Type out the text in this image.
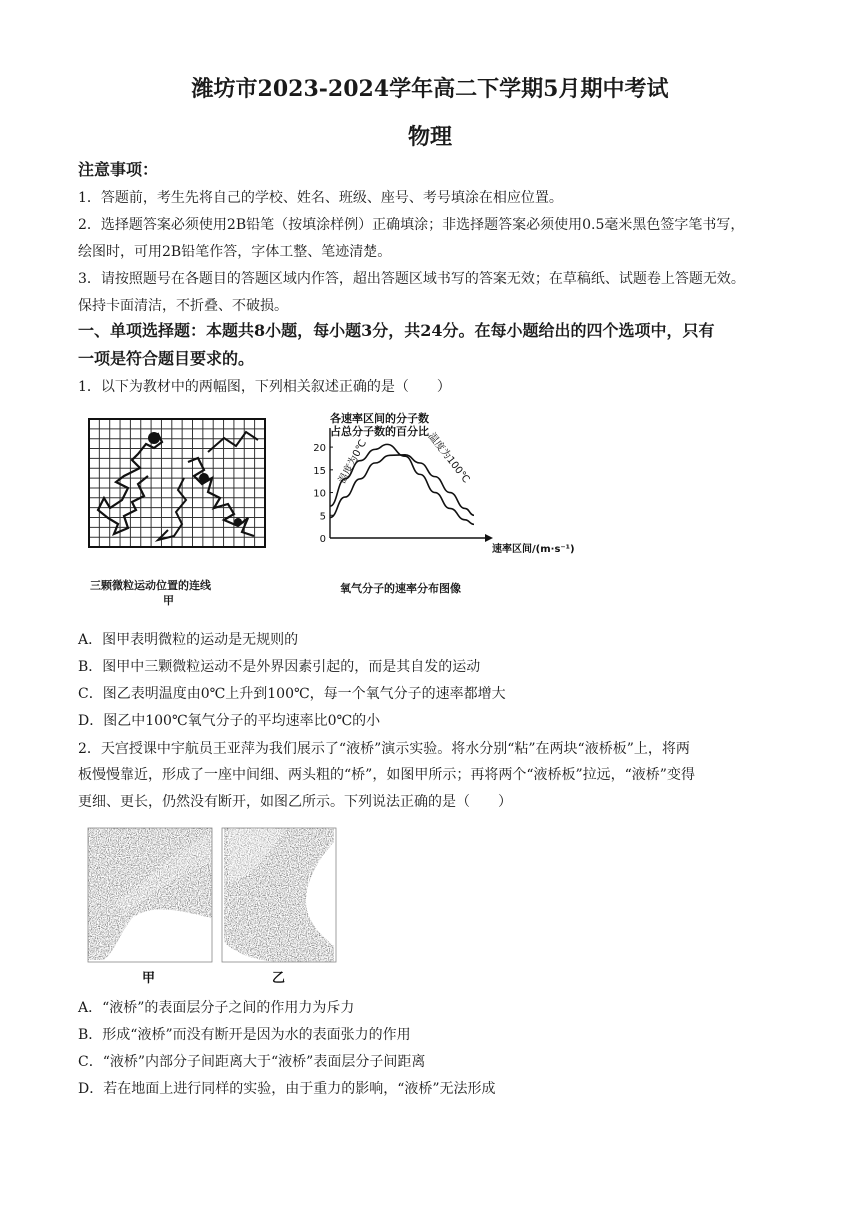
潍坊市2023-2024学年高二下学期5月期中考试
物理
注意事项：
1．答题前，考生先将自己的学校、姓名、班级、座号、考号填涂在相应位置。
2．选择题答案必须使用2B铅笔（按填涂样例）正确填涂；非选择题答案必须使用0.5毫米黑色签字笔书写，
绘图时，可用2B铅笔作答，字体工整、笔迹清楚。
3．请按照题号在各题目的答题区域内作答，超出答题区域书写的答案无效；在草稿纸、试题卷上答题无效。
保持卡面清洁，不折叠、不破损。
一、单项选择题：本题共8小题，每小题3分，共24分。在每小题给出的四个选项中，只有
一项是符合题目要求的。
1．以下为教材中的两幅图，下列相关叙述正确的是（　　）
三颗微粒运动位置的连线
甲
各速率区间的分子数
占总分子数的百分比
速率区间/(m·s⁻¹)
0
5
10
15
20 温度为0℃	温度为100℃
氧气分子的速率分布图像
A．图甲表明微粒的运动是无规则的
B．图甲中三颗微粒运动不是外界因素引起的，而是其自发的运动
C．图乙表明温度由0℃上升到100℃，每一个氧气分子的速率都增大
D．图乙中100℃氧气分子的平均速率比0℃的小
2．天宫授课中宇航员王亚萍为我们展示了“液桥”演示实验。将水分别“粘”在两块“液桥板”上，将两
板慢慢靠近，形成了一座中间细、两头粗的“桥”，如图甲所示；再将两个“液桥板”拉远，“液桥”变得
更细、更长，仍然没有断开，如图乙所示。下列说法正确的是（　　）
甲	乙
A．“液桥”的表面层分子之间的作用力为斥力
B．形成“液桥”而没有断开是因为水的表面张力的作用
C．“液桥”内部分子间距离大于“液桥”表面层分子间距离
D．若在地面上进行同样的实验，由于重力的影响，“液桥”无法形成
